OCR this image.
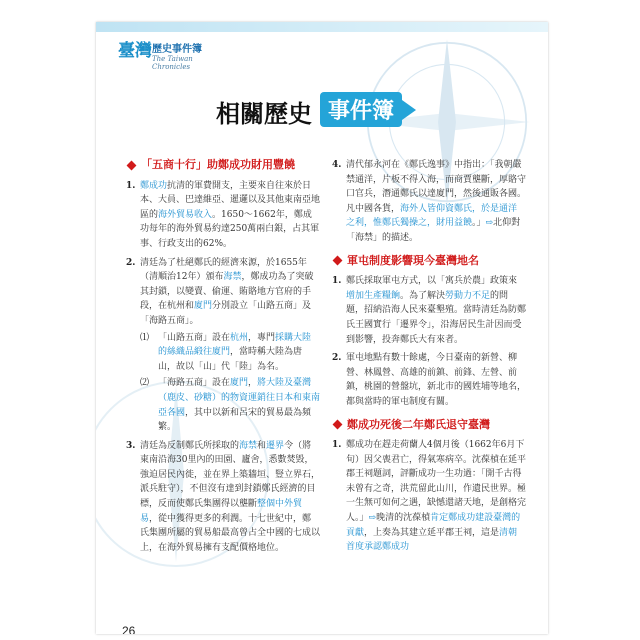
臺灣 歷史事件簿
The Taiwan Chronicles
相關歷史 事件簿
「五商十行」助鄭成功財用豐饒
1. 鄭成功抗清的軍費開支，主要來自往來於日本、大員、巴達維亞、暹邏以及其他東南亞地區的海外貿易收入。1650～1662年，鄭成功每年的海外貿易約達250萬兩白銀，占其軍事、行政支出的62%。
2. 清廷為了杜絕鄭氏的經濟來源，於1655年（清順治12年）頒布海禁，鄭成功為了突破其封鎖，以變賣、偷運、賄賂地方官府的手段，在杭州和廈門分別設立「山路五商」及「海路五商」。
⑴ 「山路五商」設在杭州，專門採購大陸的絲織品緞往廈門，當時稱大陸為唐山，故以「山」代「陸」為名。
⑵ 「海路五商」設在廈門，將大陸及臺灣（鹿皮、砂糖）的物資運銷往日本和東南亞各國，其中以新和呂宋的貿易最為頻繁。
3. 清廷為反制鄭氏所採取的海禁和遷界令（將東南沿海30里內的田園、廬舍，悉數焚毀，強迫居民內徙，並在界上築牆垣、豎立界石，派兵駐守），不但沒有達到封鎖鄭氏經濟的目標，反而使鄭氏集團得以壟斷整個中外貿易，從中獲得更多的利潤。十七世紀中，鄭氏集團所屬的貿易船最高曾占全中國的七成以上，在海外貿易擁有支配價格地位。
4. 清代郁永河在《鄭氏逸事》中指出：「我朝嚴禁通洋，片板不得入海，而商賈壟斷，厚賂守口官兵，潛通鄭氏以達廈門，然後通販各國。凡中國各貨，海外人皆仰資鄭氏，於是通洋之利，惟鄭氏獨操之，財用益饒。」⇨北仰對「海禁」的描述。
軍屯制度影響現今臺灣地名
1. 鄭氏採取軍屯方式，以「寓兵於農」政策來增加生產糧餉。為了解決勞動力不足的問題，招納沿海人民來臺墾殖。當時清廷為防鄭氏王國實行「遷界令」，沿海居民生計因而受到影響，投奔鄭氏大有來者。
2. 軍屯地點有數十餘處，今日臺南的新營、柳營、林鳳營、高雄的前鎮、前鋒、左營、前鎮，桃園的營盤坑，新北市的國姓埔等地名，都與當時的軍屯制度有關。
鄭成功死後二年鄭氏退守臺灣
1. 鄭成功在趕走荷蘭人4個月後（1662年6月下旬）因父喪君亡，得氣寒病卒。沈葆楨在延平郡王祠題詞，評斷成功一生功過：「開千古得未曾有之奇，洪荒留此山川，作遺民世界。極一生無可如何之遇，缺憾還諸天地，是創格完人。」⇨晚清的沈葆楨肯定鄭成功建設臺灣的貢獻，上奏為其建立延平郡王祠，這是清朝首度承認鄭成功
26
